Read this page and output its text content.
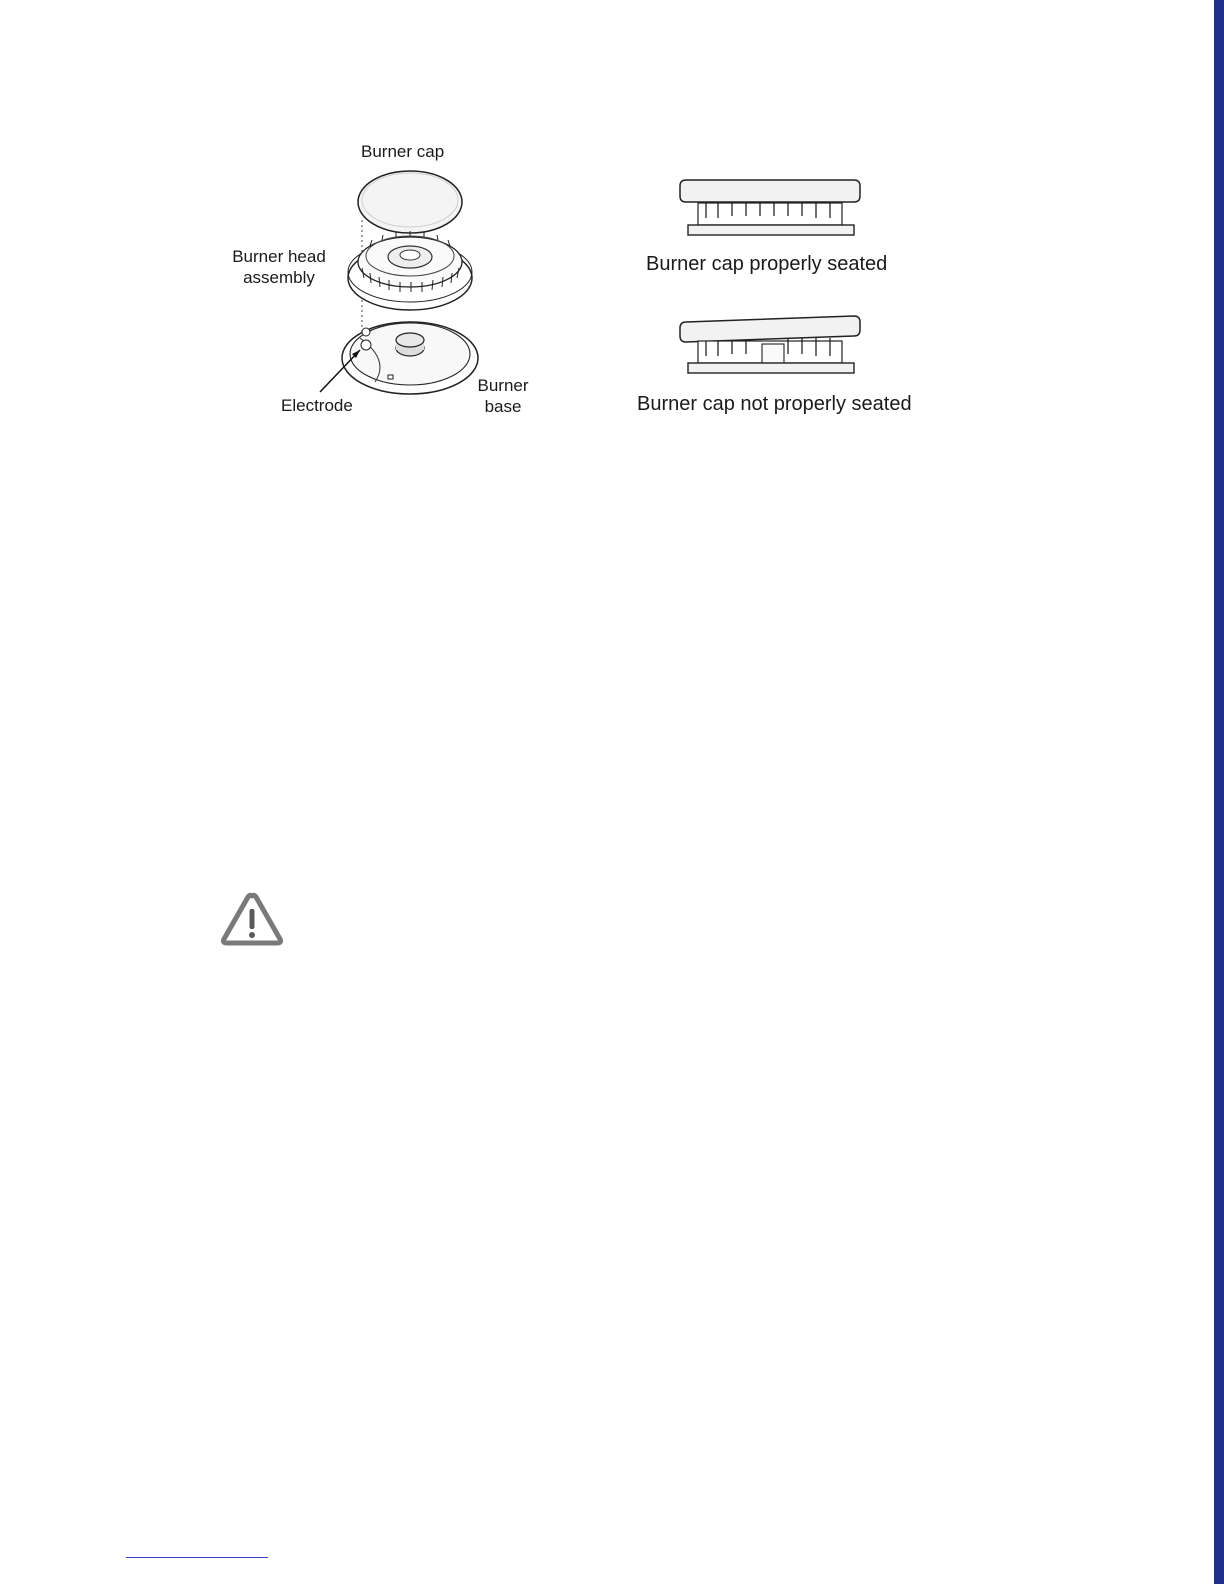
Burner cap
Burner head
assembly
Electrode
Burner
base
Burner cap properly seated
Burner cap not properly seated
